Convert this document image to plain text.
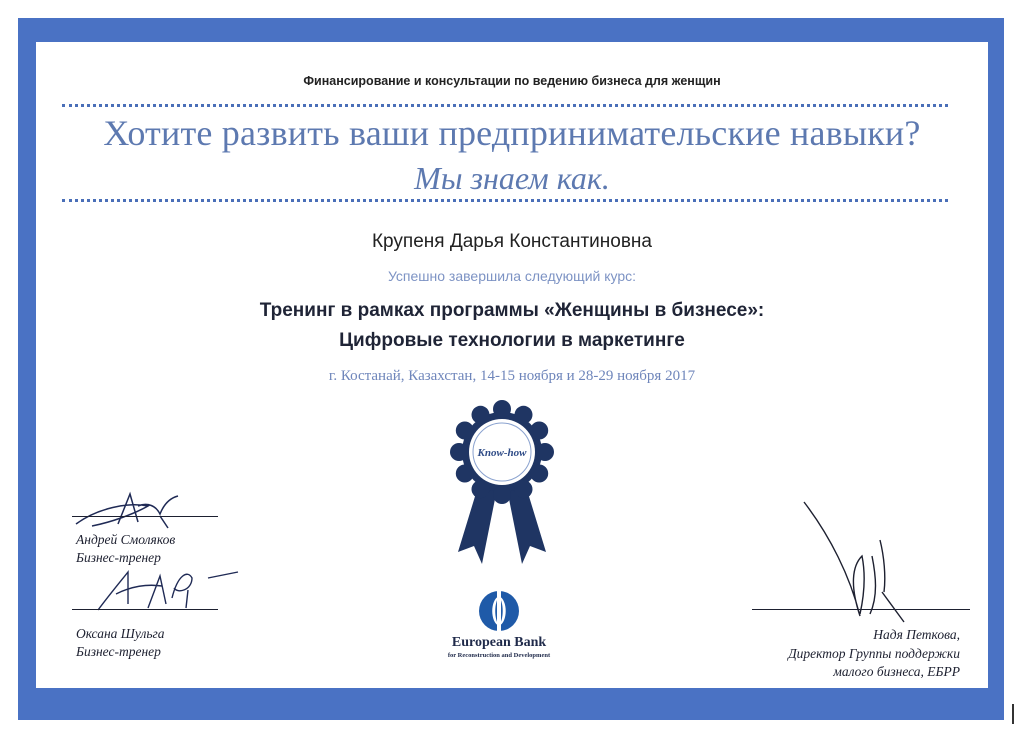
Финансирование и консультации по ведению бизнеса для женщин
Хотите развить ваши предпринимательские навыки?
Мы знаем как.
Крупеня Дарья Константиновна
Успешно завершила следующий курс:
Тренинг в рамках программы «Женщины в бизнесе»:
Цифровые технологии в маркетинге
г. Костанай, Казахстан, 14-15 ноября и 28-29 ноября 2017
Know-how
Андрей Смоляков
Бизнес-тренер
Оксана Шульга
Бизнес-тренер
European Bank
for Reconstruction and Development
Надя Петкова,
Директор Группы поддержки
малого бизнеса, ЕБРР
